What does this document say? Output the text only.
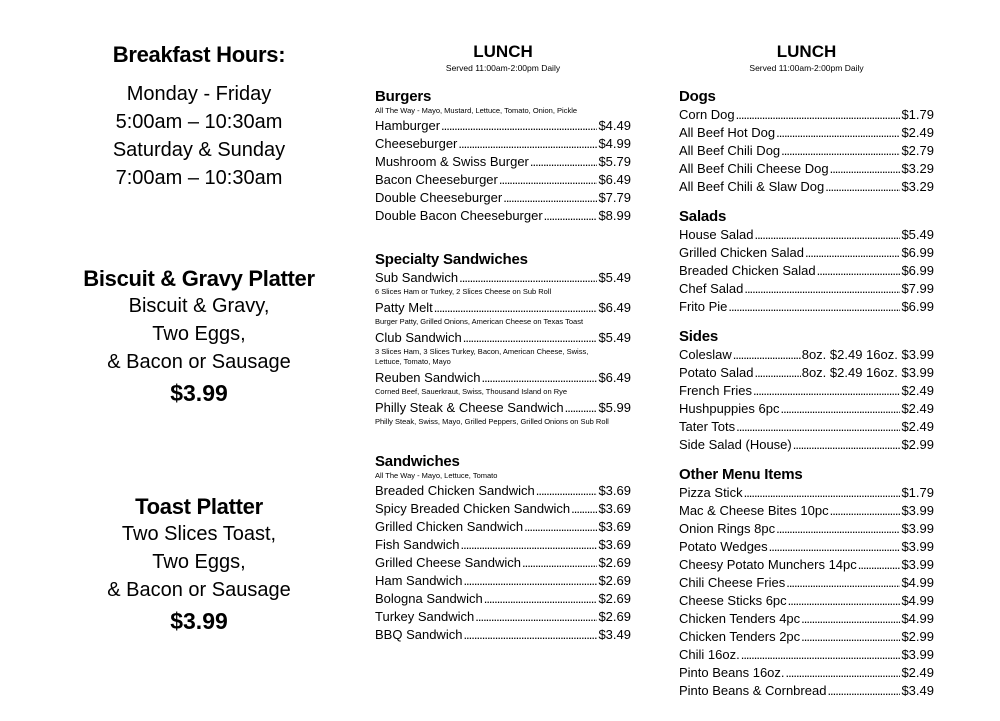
Breakfast Hours:
Monday - Friday
5:00am – 10:30am
Saturday & Sunday
7:00am – 10:30am
Biscuit & Gravy Platter
Biscuit & Gravy,
Two Eggs,
& Bacon or Sausage
$3.99
Toast Platter
Two Slices Toast,
Two Eggs,
& Bacon or Sausage
$3.99
LUNCH
Served 11:00am-2:00pm Daily
Burgers
All The Way - Mayo, Mustard, Lettuce, Tomato, Onion, Pickle
Hamburger .....	$4.49
Cheeseburger .....	$4.99
Mushroom & Swiss Burger .....	$5.79
Bacon Cheeseburger .....	$6.49
Double Cheeseburger .....	$7.79
Double Bacon Cheeseburger .....	$8.99
Specialty Sandwiches
Sub Sandwich .....	$5.49
6 Slices Ham or Turkey, 2 Slices Cheese on Sub Roll
Patty Melt .....	$6.49
Burger Patty, Grilled Onions, American Cheese on Texas Toast
Club Sandwich .....	$5.49
3 Slices Ham, 3 Slices Turkey, Bacon, American Cheese, Swiss, Lettuce, Tomato, Mayo
Reuben Sandwich .....	$6.49
Corned Beef, Sauerkraut, Swiss, Thousand Island on Rye
Philly Steak & Cheese Sandwich .....	$5.99
Philly Steak, Swiss, Mayo, Grilled Peppers, Grilled Onions on Sub Roll
Sandwiches
All The Way - Mayo, Lettuce, Tomato
Breaded Chicken Sandwich .....	$3.69
Spicy Breaded Chicken Sandwich ..... $3.69
Grilled Chicken Sandwich .....	$3.69
Fish Sandwich .....	$3.69
Grilled Cheese Sandwich .....	$2.69
Ham Sandwich .....	$2.69
Bologna Sandwich .....	$2.69
Turkey Sandwich .....	$2.69
BBQ Sandwich .....	$3.49
LUNCH
Served 11:00am-2:00pm Daily
Dogs
Corn Dog .....	$1.79
All Beef Hot Dog .....	$2.49
All Beef Chili Dog .....	$2.79
All Beef Chili Cheese Dog .....	$3.29
All Beef Chili & Slaw Dog .....	$3.29
Salads
House Salad .....	$5.49
Grilled Chicken Salad .....	$6.99
Breaded Chicken Salad .....	$6.99
Chef Salad .....	$7.99
Frito Pie .....	$6.99
Sides
Coleslaw .....	8oz. $2.49 16oz. $3.99
Potato Salad .....	8oz. $2.49 16oz. $3.99
French Fries .....	$2.49
Hushpuppies 6pc .....	$2.49
Tater Tots .....	$2.49
Side Salad (House) .....	$2.99
Other Menu Items
Pizza Stick .....	$1.79
Mac & Cheese Bites 10pc .....	$3.99
Onion Rings 8pc .....	$3.99
Potato Wedges .....	$3.99
Cheesy Potato Munchers 14pc .....	$3.99
Chili Cheese Fries .....	$4.99
Cheese Sticks 6pc .....	$4.99
Chicken Tenders 4pc .....	$4.99
Chicken Tenders 2pc .....	$2.99
Chili 16oz. .....	$3.99
Pinto Beans 16oz. .....	$2.49
Pinto Beans & Cornbread .....	$3.49
